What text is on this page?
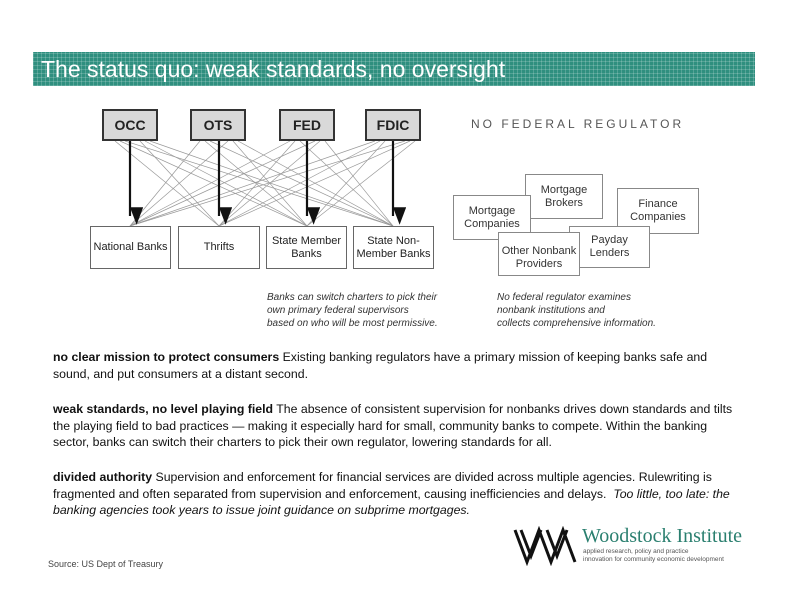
The status quo: weak standards, no oversight
OCC	OTS	FED	FDIC
National Banks	Thrifts
State Member
Banks
State Non-
Member Banks
NO FEDERAL REGULATOR
Mortgage
Brokers
Mortgage
Companies
Finance
Companies
Payday
Lenders
Other Nonbank
Providers
Banks can switch charters to pick their
own primary federal supervisors
based on who will be most permissive.
No federal regulator examines
nonbank institutions and
collects comprehensive information.
no clear mission to protect consumers Existing banking regulators have a primary mission of keeping banks safe and sound, and put consumers at a distant second.
weak standards, no level playing field The absence of consistent supervision for nonbanks drives down standards and tilts the playing field to bad practices — making it especially hard for small, community banks to compete. Within the banking sector, banks can switch their charters to pick their own regulator, lowering standards for all.
divided authority Supervision and enforcement for financial services are divided across multiple agencies. Rulewriting is fragmented and often separated from supervision and enforcement, causing inefficiencies and delays.  Too little, too late: the banking agencies took years to issue joint guidance on subprime mortgages.
Source: US Dept of Treasury
Woodstock Institute
applied research, policy and practice
innovation for community economic development
